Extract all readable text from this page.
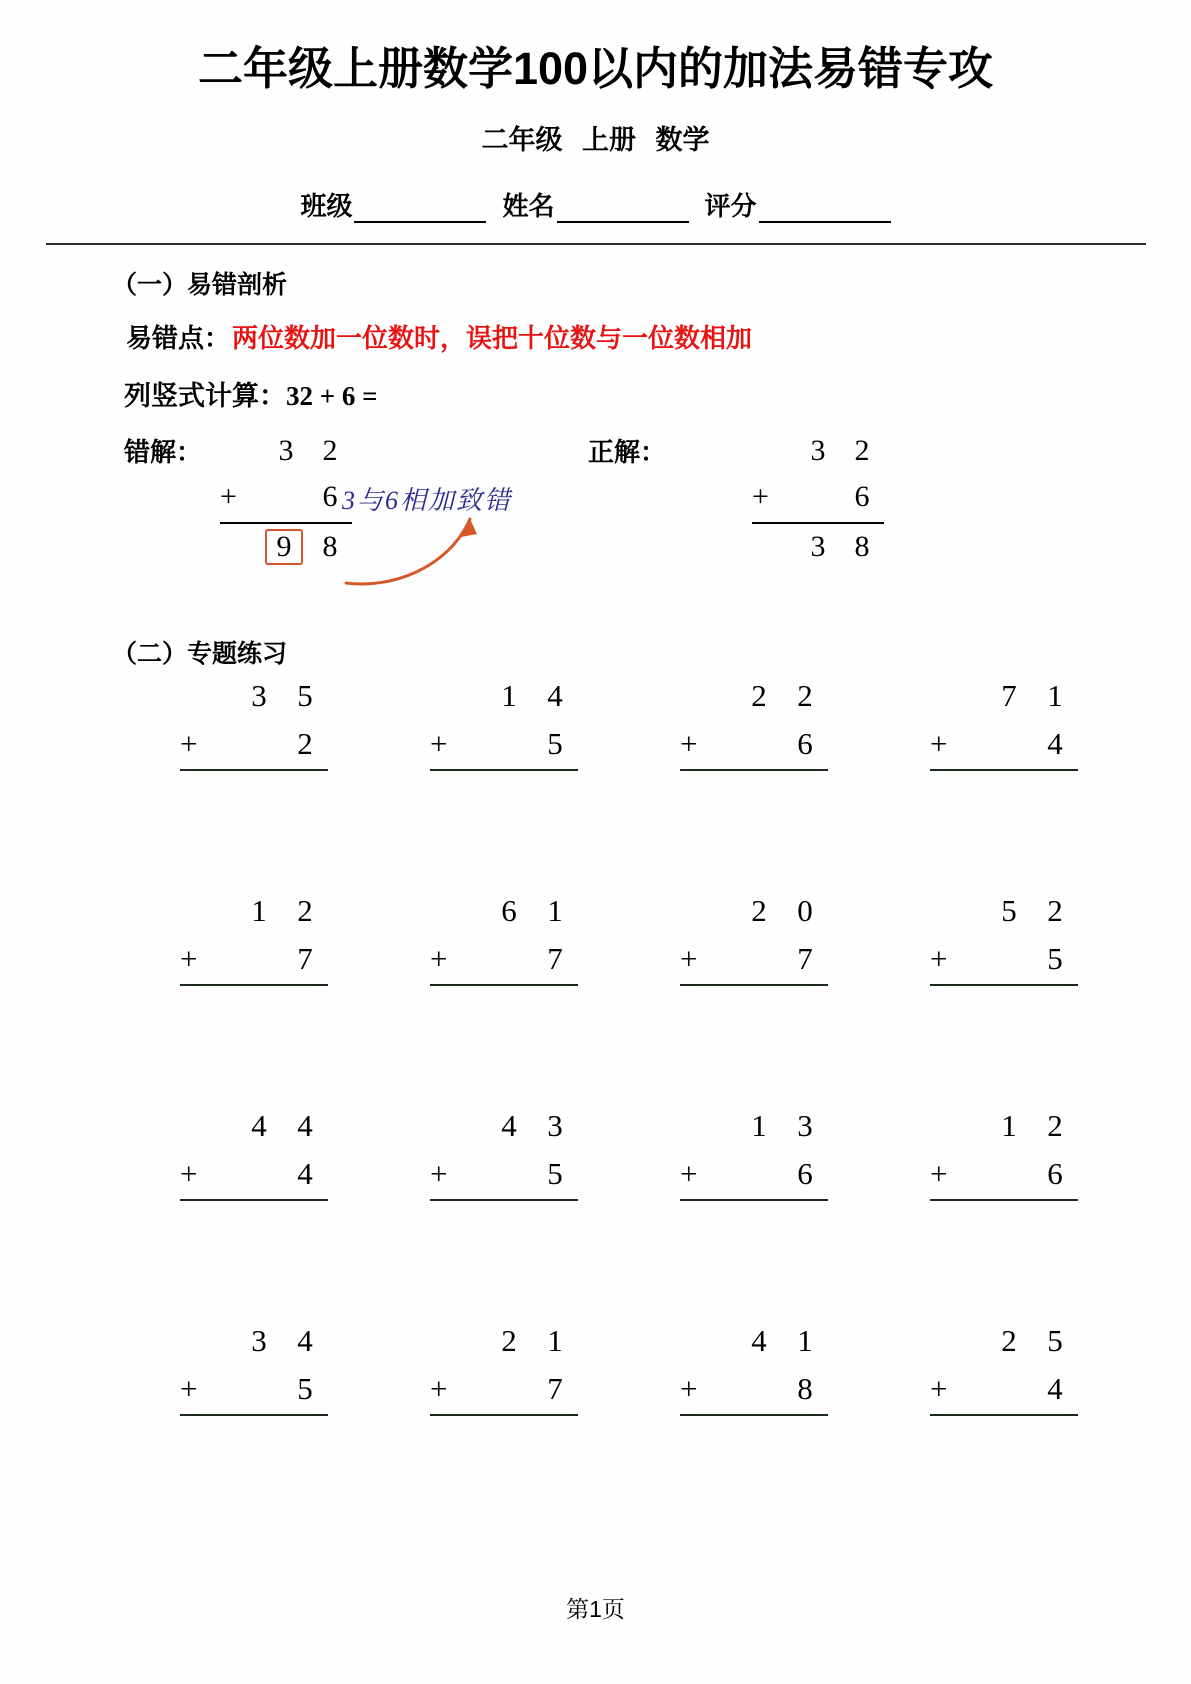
二年级上册数学100以内的加法易错专攻
二年级 上册 数学
班级	姓名	评分
（一）易错剖析
易错点： 两位数加一位数时，误把十位数与一位数相加
列竖式计算：32 + 6 =
错解：	3 2
+	6
9	8
3与6相加致错
正解：	3 2
+	6
3 8
（二）专题练习
3 5
+	2
1 4
+	5
2 2
+	6
7 1
+	4
1 2
+	7
6 1
+	7
2 0
+	7
5 2
+	5
4 4
+	4
4 3
+	5
1 3
+	6
1 2
+	6
3 4
+	5
2 1
+	7
4 1
+	8
2 5
+	4
第1页
